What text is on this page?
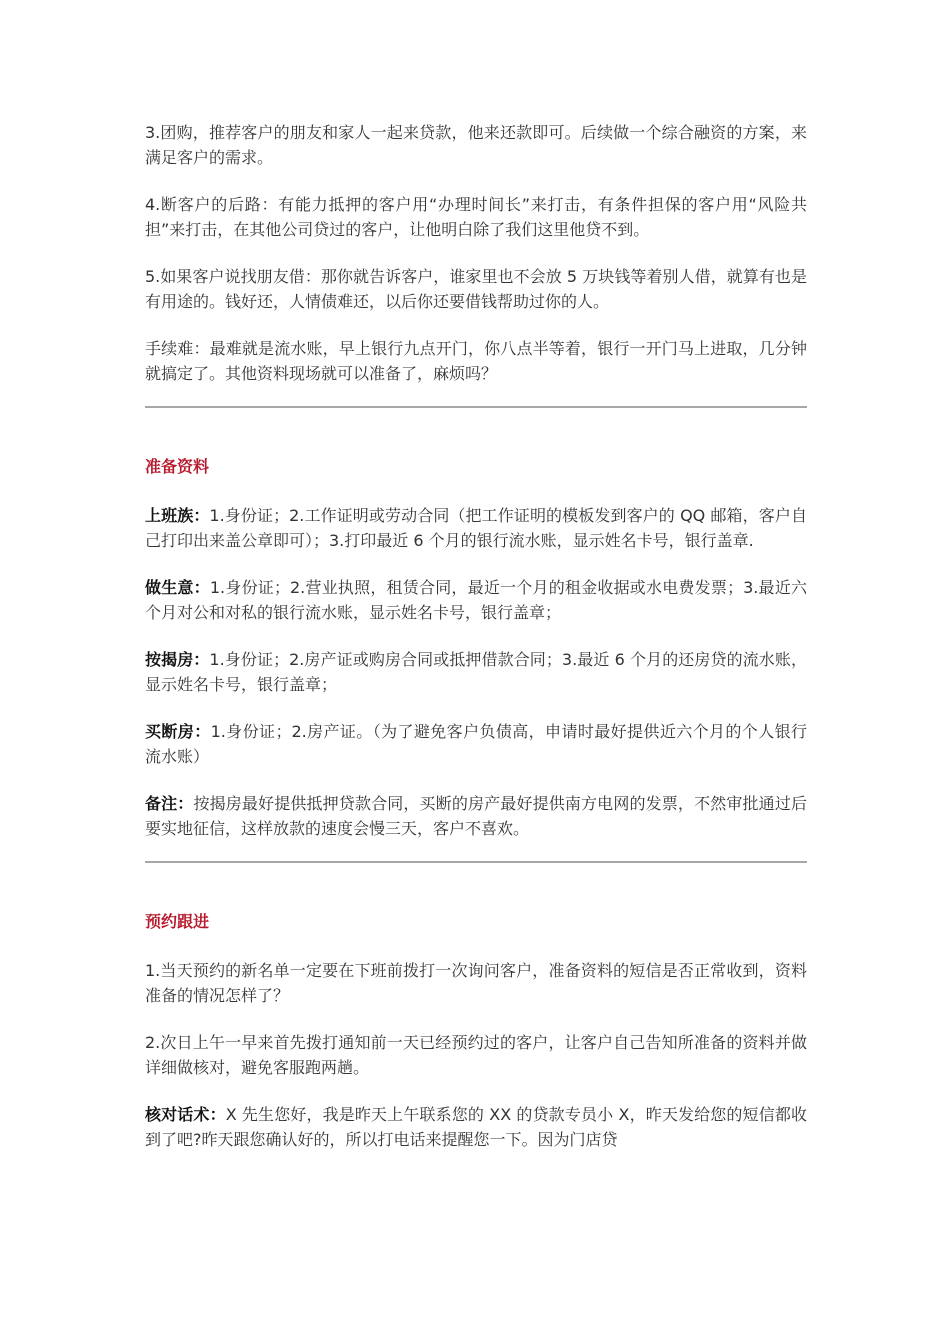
3.团购，推荐客户的朋友和家人一起来贷款，他来还款即可。后续做一个综合融资的方案，来满足客户的需求。

4.断客户的后路：有能力抵押的客户用“办理时间长”来打击，有条件担保的客户用“风险共担”来打击，在其他公司贷过的客户，让他明白除了我们这里他贷不到。

5.如果客户说找朋友借：那你就告诉客户，谁家里也不会放 5 万块钱等着别人借，就算有也是有用途的。钱好还，人情债难还，以后你还要借钱帮助过你的人。

手续难：最难就是流水账，早上银行九点开门，你八点半等着，银行一开门马上进取，几分钟就搞定了。其他资料现场就可以准备了，麻烦吗？

准备资料

上班族：1.身份证；2.工作证明或劳动合同（把工作证明的模板发到客户的 QQ 邮箱，客户自己打印出来盖公章即可）；3.打印最近 6 个月的银行流水账，显示姓名卡号，银行盖章.

做生意：1.身份证；2.营业执照，租赁合同，最近一个月的租金收据或水电费发票；3.最近六个月对公和对私的银行流水账，显示姓名卡号，银行盖章；

按揭房：1.身份证；2.房产证或购房合同或抵押借款合同；3.最近 6 个月的还房贷的流水账，显示姓名卡号，银行盖章；

买断房：1.身份证；2.房产证。（为了避免客户负债高，申请时最好提供近六个月的个人银行流水账）

备注：按揭房最好提供抵押贷款合同，买断的房产最好提供南方电网的发票，不然审批通过后要实地征信，这样放款的速度会慢三天，客户不喜欢。

预约跟进

1.当天预约的新名单一定要在下班前拨打一次询问客户，准备资料的短信是否正常收到，资料准备的情况怎样了？

2.次日上午一早来首先拨打通知前一天已经预约过的客户，让客户自己告知所准备的资料并做详细做核对，避免客服跑两趟。

核对话术：X 先生您好，我是昨天上午联系您的 XX 的贷款专员小 X，昨天发给您的短信都收到了吧?昨天跟您确认好的，所以打电话来提醒您一下。因为门店贷
